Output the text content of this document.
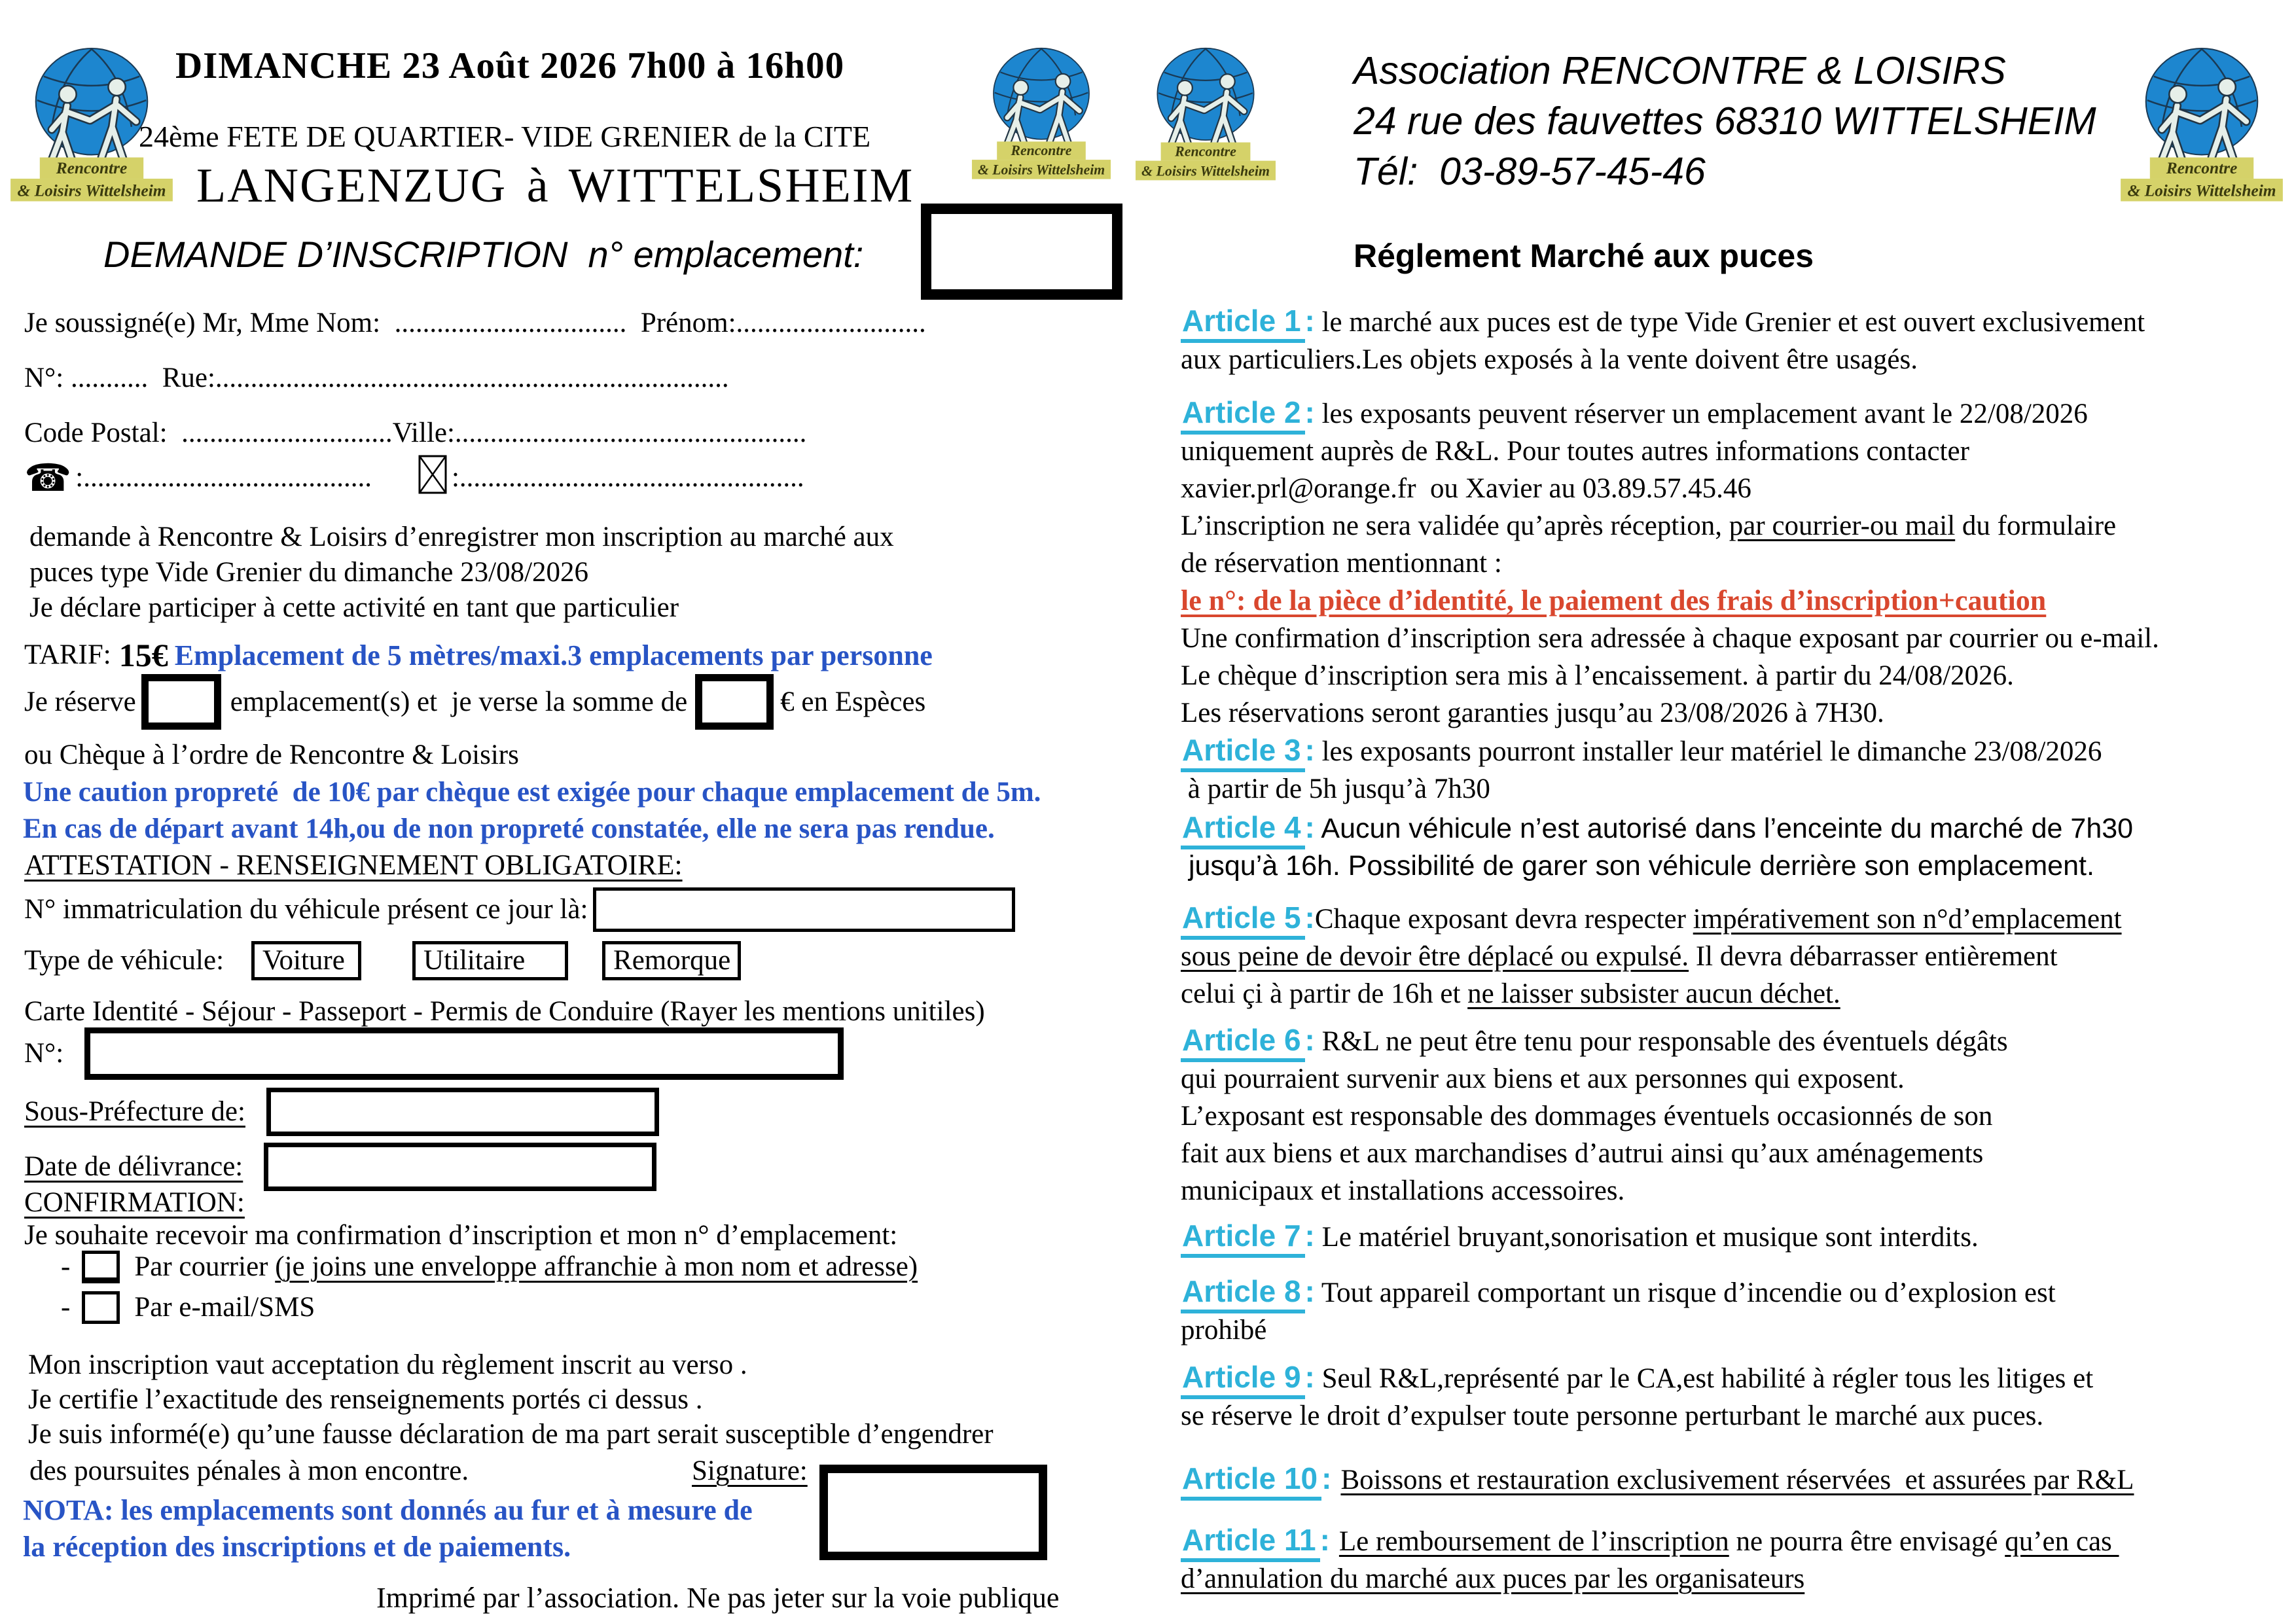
Rencontre
& Loisirs Wittelsheim
Rencontre
& Loisirs Wittelsheim
Rencontre
& Loisirs Wittelsheim	Rencontre
& Loisirs Wittelsheim
DIMANCHE 23 Août 2026 7h00 à 16h00
24ème FETE DE QUARTIER- VIDE GRENIER de la CITE
LANGENZUG à WITTELSHEIM
DEMANDE D’INSCRIPTION  n° emplacement:
Je soussigné(e) Mr, Mme Nom:  .................................  Prénom:...........................
N°: ...........  Rue:.........................................................................
Code Postal:  ..............................Ville:..................................................
☎ :.........................................	:.................................................
demande à Rencontre & Loisirs d’enregistrer mon inscription au marché aux
puces type Vide Grenier du dimanche 23/08/2026
Je déclare participer à cette activité en tant que particulier
TARIF: 15€ Emplacement de 5 mètres/maxi.3 emplacements par personne
Je réserve	emplacement(s) et  je verse la somme de	€ en Espèces
ou Chèque à l’ordre de Rencontre & Loisirs
Une caution propreté  de 10€ par chèque est exigée pour chaque emplacement de 5m.
En cas de départ avant 14h,ou de non propreté constatée, elle ne sera pas rendue.
ATTESTATION - RENSEIGNEMENT OBLIGATOIRE:
N° immatriculation du véhicule présent ce jour là:
Type de véhicule: Voiture	Utilitaire	Remorque
Carte Identité - Séjour - Passeport - Permis de Conduire (Rayer les mentions unitiles)
N°:
Sous-Préfecture de:
Date de délivrance:
CONFIRMATION:
Je souhaite recevoir ma confirmation d’inscription et mon n° d’emplacement:
- Par courrier (je joins une enveloppe affranchie à mon nom et adresse)
- Par e-mail/SMS
Mon inscription vaut acceptation du règlement inscrit au verso .
Je certifie l’exactitude des renseignements portés ci dessus .
Je suis informé(e) qu’une fausse déclaration de ma part serait susceptible d’engendrer
des poursuites pénales à mon encontre.	Signature:
NOTA: les emplacements sont donnés au fur et à mesure de
la réception des inscriptions et de paiements.
Imprimé par l’association. Ne pas jeter sur la voie publique
Association RENCONTRE & LOISIRS
24 rue des fauvettes 68310 WITTELSHEIM
Tél:  03-89-57-45-46
Réglement Marché aux puces
Article 1 : le marché aux puces est de type Vide Grenier et est ouvert exclusivement
aux particuliers.Les objets exposés à la vente doivent être usagés.
Article 2 : les exposants peuvent réserver un emplacement avant le 22/08/2026
uniquement auprès de R&L. Pour toutes autres informations contacter
xavier.prl@orange.fr  ou Xavier au 03.89.57.45.46
L’inscription ne sera validée qu’après réception, par courrier-ou mail du formulaire
de réservation mentionnant :
le n°: de la pièce d’identité, le paiement des frais d’inscription+caution
Une confirmation d’inscription sera adressée à chaque exposant par courrier ou e-mail.
Le chèque d’inscription sera mis à l’encaissement. à partir du 24/08/2026.
Les réservations seront garanties jusqu’au 23/08/2026 à 7H30.
Article 3 : les exposants pourront installer leur matériel le dimanche 23/08/2026
à partir de 5h jusqu’à 7h30
Article 4 : Aucun véhicule n’est autorisé dans l’enceinte du marché de 7h30
jusqu’à 16h. Possibilité de garer son véhicule derrière son emplacement.
Article 5 :Chaque exposant devra respecter impérativement son n°d’emplacement
sous peine de devoir être déplacé ou expulsé. Il devra débarrasser entièrement
celui çi à partir de 16h et ne laisser subsister aucun déchet.
Article 6 : R&L ne peut être tenu pour responsable des éventuels dégâts
qui pourraient survenir aux biens et aux personnes qui exposent.
L’exposant est responsable des dommages éventuels occasionnés de son
fait aux biens et aux marchandises d’autrui ainsi qu’aux aménagements
municipaux et installations accessoires.
Article 7 : Le matériel bruyant,sonorisation et musique sont interdits.
Article 8 : Tout appareil comportant un risque d’incendie ou d’explosion est
prohibé
Article 9 : Seul R&L,représenté par le CA,est habilité à régler tous les litiges et
se réserve le droit d’expulser toute personne perturbant le marché aux puces.
Article 10 : Boissons et restauration exclusivement réservées  et assurées par R&L
Article 11 : Le remboursement de l’inscription ne pourra être envisagé qu’en cas
d’annulation du marché aux puces par les organisateurs
